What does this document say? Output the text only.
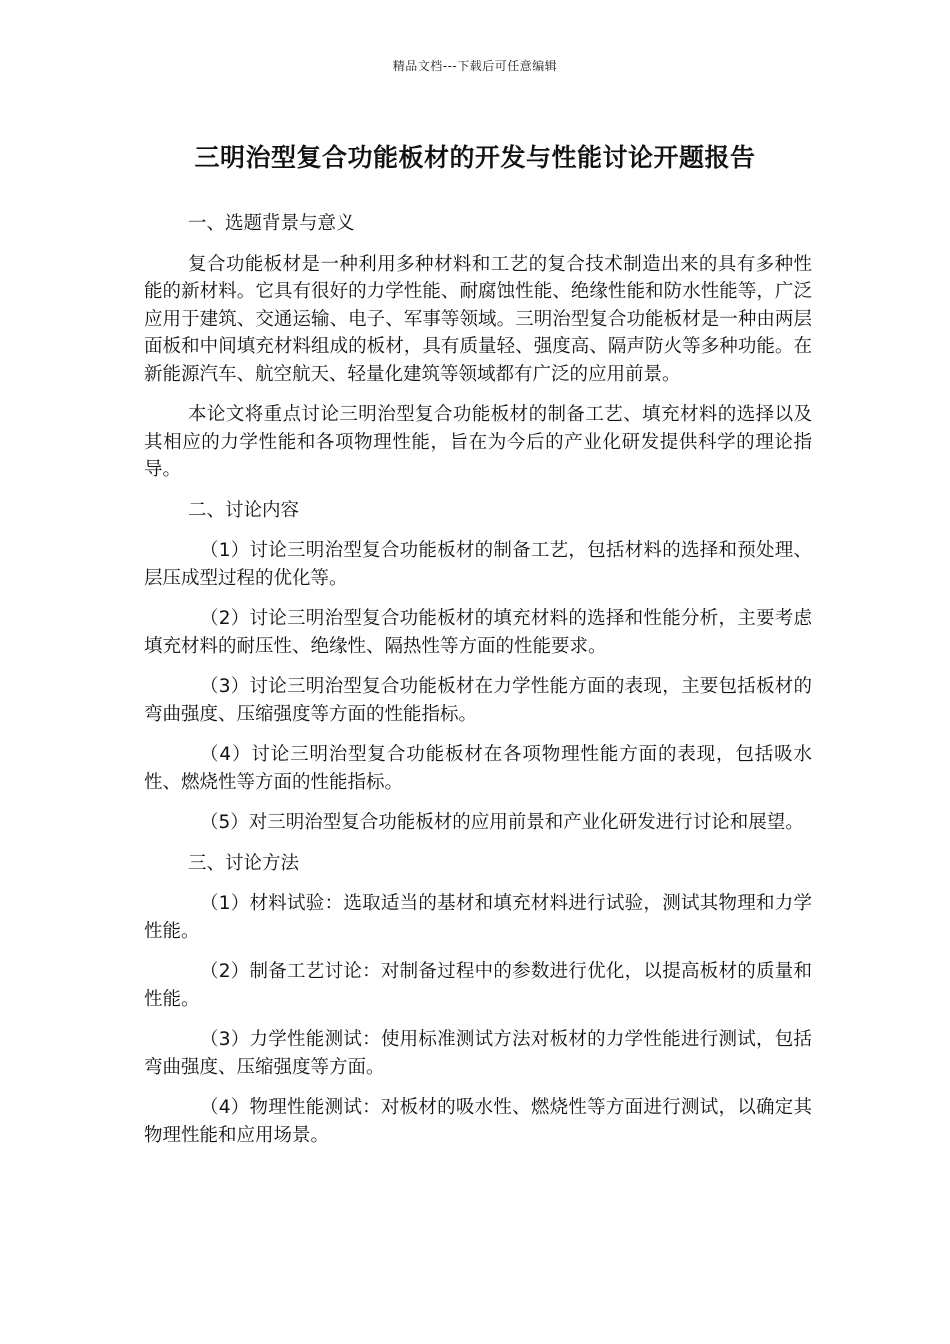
精品文档---下载后可任意编辑
三明治型复合功能板材的开发与性能讨论开题报告
一、选题背景与意义

复合功能板材是一种利用多种材料和工艺的复合技术制造出来的具有多种性能的新材料。它具有很好的力学性能、耐腐蚀性能、绝缘性能和防水性能等，广泛应用于建筑、交通运输、电子、军事等领域。三明治型复合功能板材是一种由两层面板和中间填充材料组成的板材，具有质量轻、强度高、隔声防火等多种功能。在新能源汽车、航空航天、轻量化建筑等领域都有广泛的应用前景。

本论文将重点讨论三明治型复合功能板材的制备工艺、填充材料的选择以及其相应的力学性能和各项物理性能，旨在为今后的产业化研发提供科学的理论指导。

二、讨论内容

（1）讨论三明治型复合功能板材的制备工艺，包括材料的选择和预处理、层压成型过程的优化等。

（2）讨论三明治型复合功能板材的填充材料的选择和性能分析，主要考虑填充材料的耐压性、绝缘性、隔热性等方面的性能要求。

（3）讨论三明治型复合功能板材在力学性能方面的表现，主要包括板材的弯曲强度、压缩强度等方面的性能指标。

（4）讨论三明治型复合功能板材在各项物理性能方面的表现，包括吸水性、燃烧性等方面的性能指标。

（5）对三明治型复合功能板材的应用前景和产业化研发进行讨论和展望。

三、讨论方法

（1）材料试验：选取适当的基材和填充材料进行试验，测试其物理和力学性能。

（2）制备工艺讨论：对制备过程中的参数进行优化，以提高板材的质量和性能。

（3）力学性能测试：使用标准测试方法对板材的力学性能进行测试，包括弯曲强度、压缩强度等方面。

（4）物理性能测试：对板材的吸水性、燃烧性等方面进行测试，以确定其物理性能和应用场景。
